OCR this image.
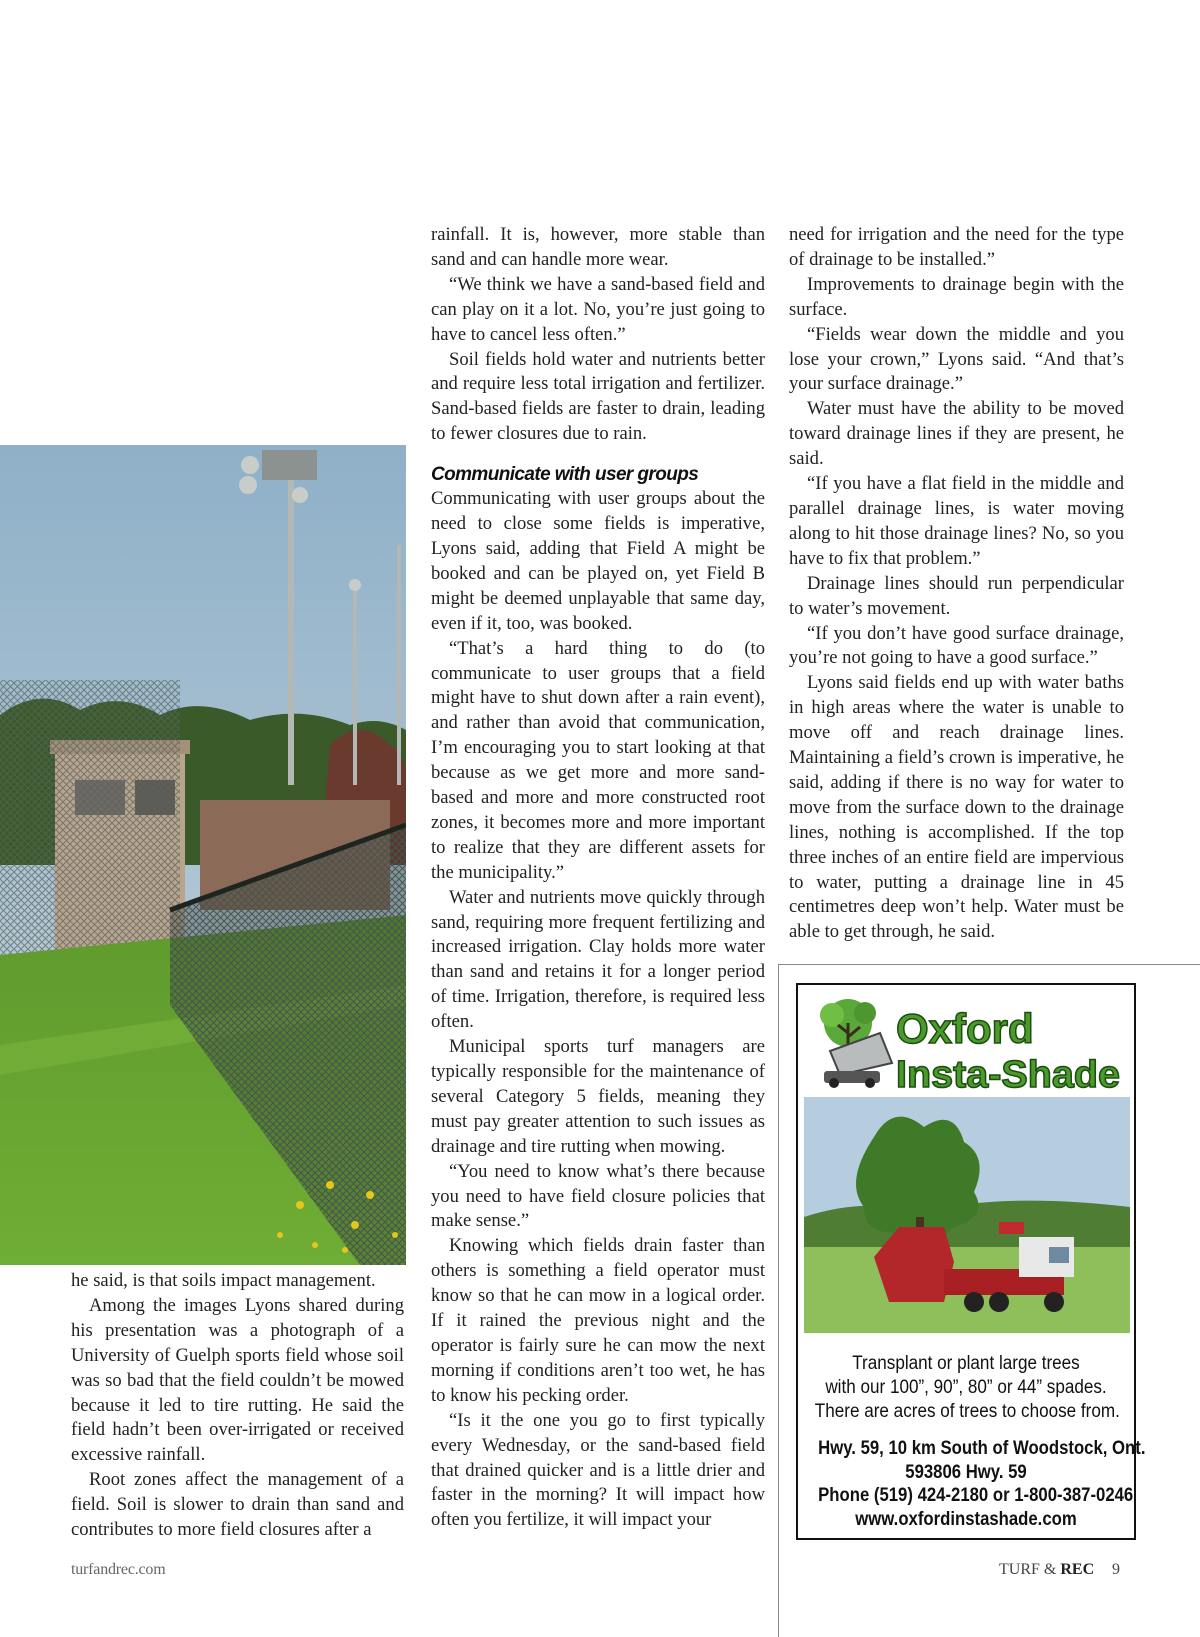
he said, is that soils impact management.

Among the images Lyons shared during his presentation was a photograph of a University of Guelph sports field whose soil was so bad that the field couldn’t be mowed because it led to tire rutting. He said the field hadn’t been over-irrigated or received excessive rainfall.

Root zones affect the management of a field. Soil is slower to drain than sand and contributes to more field closures after a

rainfall. It is, however, more stable than sand and can handle more wear.

“We think we have a sand-based field and can play on it a lot. No, you’re just going to have to cancel less often.”

Soil fields hold water and nutrients better and require less total irrigation and fertilizer. Sand-based fields are faster to drain, leading to fewer closures due to rain.

Communicate with user groups

Communicating with user groups about the need to close some fields is imperative, Lyons said, adding that Field A might be booked and can be played on, yet Field B might be deemed unplayable that same day, even if it, too, was booked.

“That’s a hard thing to do (to communicate to user groups that a field might have to shut down after a rain event), and rather than avoid that communication, I’m encouraging you to start looking at that because as we get more and more sand-based and more and more constructed root zones, it becomes more and more important to realize that they are different assets for the municipality.”

Water and nutrients move quickly through sand, requiring more frequent fertilizing and increased irrigation. Clay holds more water than sand and retains it for a longer period of time. Irrigation, therefore, is required less often.

Municipal sports turf managers are typically responsible for the maintenance of several Category 5 fields, meaning they must pay greater attention to such issues as drainage and tire rutting when mowing.

“You need to know what’s there because you need to have field closure policies that make sense.”

Knowing which fields drain faster than others is something a field operator must know so that he can mow in a logical order. If it rained the previous night and the operator is fairly sure he can mow the next morning if conditions aren’t too wet, he has to know his pecking order.

“Is it the one you go to first typically every Wednesday, or the sand-based field that drained quicker and is a little drier and faster in the morning? It will impact how often you fertilize, it will impact your

need for irrigation and the need for the type of drainage to be installed.”

Improvements to drainage begin with the surface.

“Fields wear down the middle and you lose your crown,” Lyons said. “And that’s your surface drainage.”

Water must have the ability to be moved toward drainage lines if they are present, he said.

“If you have a flat field in the middle and parallel drainage lines, is water moving along to hit those drainage lines? No, so you have to fix that problem.”

Drainage lines should run perpendicular to water’s movement.

“If you don’t have good surface drainage, you’re not going to have a good surface.”

Lyons said fields end up with water baths in high areas where the water is unable to move off and reach drainage lines. Maintaining a field’s crown is imperative, he said, adding if there is no way for water to move from the surface down to the drainage lines, nothing is accomplished. If the top three inches of an entire field are impervious to water, putting a drainage line in 45 centimetres deep won’t help. Water must be able to get through, he said.

Oxford
Insta-Shade
Transplant or plant large trees
with our 100”, 90”, 80” or 44” spades.
There are acres of trees to choose from.
Hwy. 59, 10 km South of Woodstock, Ont.
593806 Hwy. 59
Phone (519) 424-2180 or 1-800-387-0246
www.oxfordinstashade.com
turfandrec.com	TURF & REC 9
